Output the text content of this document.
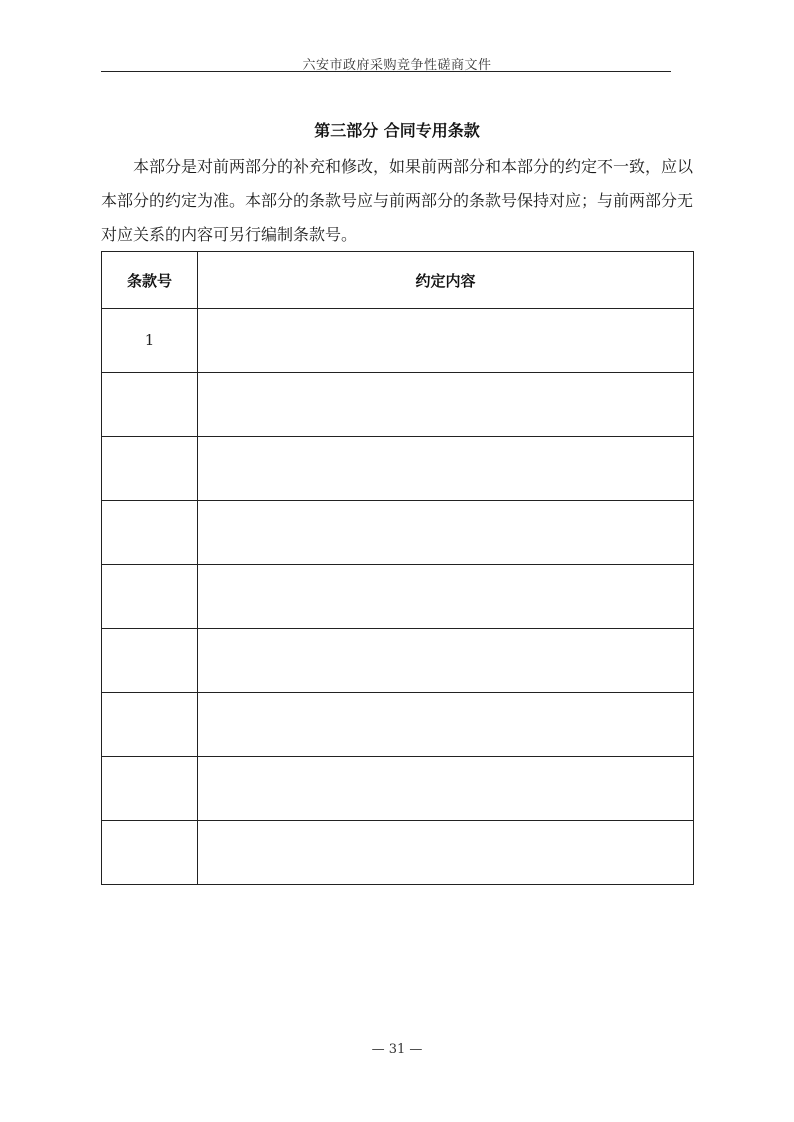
六安市政府采购竞争性磋商文件
第三部分 合同专用条款

本部分是对前两部分的补充和修改，如果前两部分和本部分的约定不一致，应以本部分的约定为准。本部分的条款号应与前两部分的条款号保持对应；与前两部分无对应关系的内容可另行编制条款号。

条款号	约定内容

1	

— 31 —
